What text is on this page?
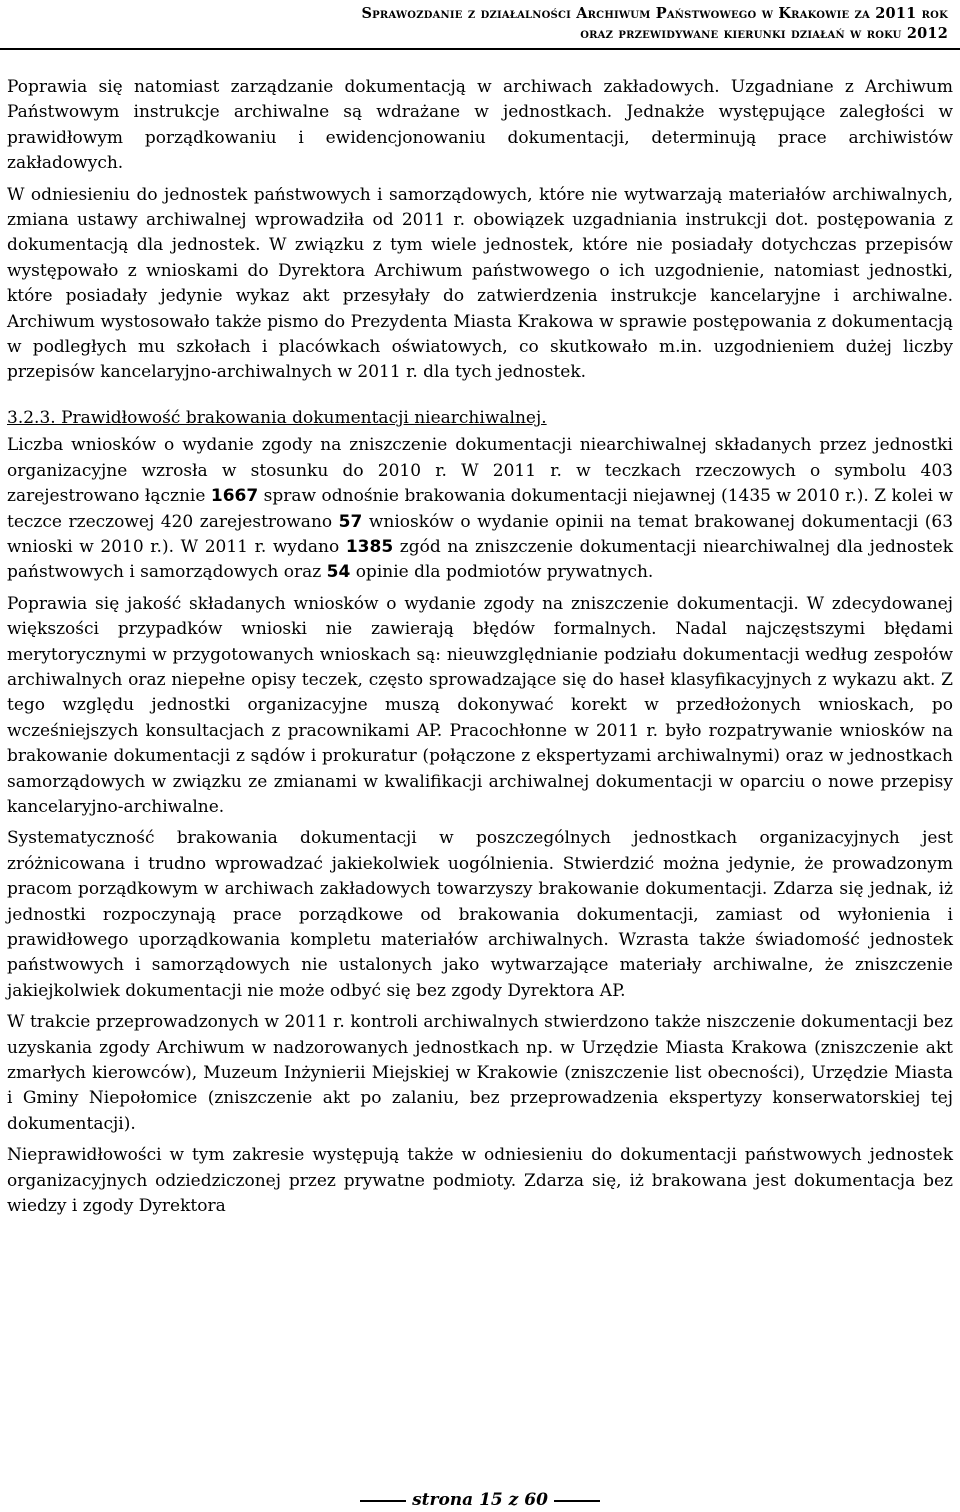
Sprawozdanie z działalności Archiwum Państwowego w Krakowie za 2011 rok
oraz przewidywane kierunki działań w roku 2012

Poprawia się natomiast zarządzanie dokumentacją w archiwach zakładowych. Uzgadniane z Archiwum Państwowym instrukcje archiwalne są wdrażane w jednostkach. Jednakże występujące zaległości w prawidłowym porządkowaniu i ewidencjonowaniu dokumentacji, determinują prace archiwistów zakładowych.

W odniesieniu do jednostek państwowych i samorządowych, które nie wytwarzają materiałów archiwalnych, zmiana ustawy archiwalnej wprowadziła od 2011 r. obowiązek uzgadniania instrukcji dot. postępowania z dokumentacją dla jednostek. W związku z tym wiele jednostek, które nie posiadały dotychczas przepisów występowało z wnioskami do Dyrektora Archiwum państwowego o ich uzgodnienie, natomiast jednostki, które posiadały jedynie wykaz akt przesyłały do zatwierdzenia instrukcje kancelaryjne i archiwalne. Archiwum wystosowało także pismo do Prezydenta Miasta Krakowa w sprawie postępowania z dokumentacją w podległych mu szkołach i placówkach oświatowych, co skutkowało m.in. uzgodnieniem dużej liczby przepisów kancelaryjno-archiwalnych w 2011 r. dla tych jednostek.

3.2.3. Prawidłowość brakowania dokumentacji niearchiwalnej.

Liczba wniosków o wydanie zgody na zniszczenie dokumentacji niearchiwalnej składanych przez jednostki organizacyjne wzrosła w stosunku do 2010 r. W 2011 r. w teczkach rzeczowych o symbolu 403 zarejestrowano łącznie 1667 spraw odnośnie brakowania dokumentacji niejawnej (1435 w 2010 r.). Z kolei w teczce rzeczowej 420 zarejestrowano 57 wniosków o wydanie opinii na temat brakowanej dokumentacji (63 wnioski w 2010 r.). W 2011 r. wydano 1385 zgód na zniszczenie dokumentacji niearchiwalnej dla jednostek państwowych i samorządowych oraz 54 opinie dla podmiotów prywatnych.

Poprawia się jakość składanych wniosków o wydanie zgody na zniszczenie dokumentacji. W zdecydowanej większości przypadków wnioski nie zawierają błędów formalnych. Nadal najczęstszymi błędami merytorycznymi w przygotowanych wnioskach są: nieuwzględnianie podziału dokumentacji według zespołów archiwalnych oraz niepełne opisy teczek, często sprowadzające się do haseł klasyfikacyjnych z wykazu akt. Z tego względu jednostki organizacyjne muszą dokonywać korekt w przedłożonych wnioskach, po wcześniejszych konsultacjach z pracownikami AP. Pracochłonne w 2011 r. było rozpatrywanie wniosków na brakowanie dokumentacji z sądów i prokuratur (połączone z ekspertyzami archiwalnymi) oraz w jednostkach samorządowych w związku ze zmianami w kwalifikacji archiwalnej dokumentacji w oparciu o nowe przepisy kancelaryjno-archiwalne.

Systematyczność brakowania dokumentacji w poszczególnych jednostkach organizacyjnych jest zróżnicowana i trudno wprowadzać jakiekolwiek uogólnienia. Stwierdzić można jedynie, że prowadzonym pracom porządkowym w archiwach zakładowych towarzyszy brakowanie dokumentacji. Zdarza się jednak, iż jednostki rozpoczynają prace porządkowe od brakowania dokumentacji, zamiast od wyłonienia i prawidłowego uporządkowania kompletu materiałów archiwalnych. Wzrasta także świadomość jednostek państwowych i samorządowych nie ustalonych jako wytwarzające materiały archiwalne, że zniszczenie jakiejkolwiek dokumentacji nie może odbyć się bez zgody Dyrektora AP.

W trakcie przeprowadzonych w 2011 r. kontroli archiwalnych stwierdzono także niszczenie dokumentacji bez uzyskania zgody Archiwum w nadzorowanych jednostkach np. w Urzędzie Miasta Krakowa (zniszczenie akt zmarłych kierowców), Muzeum Inżynierii Miejskiej w Krakowie (zniszczenie list obecności), Urzędzie Miasta i Gminy Niepołomice (zniszczenie akt po zalaniu, bez przeprowadzenia ekspertyzy konserwatorskiej tej dokumentacji).

Nieprawidłowości w tym zakresie występują także w odniesieniu do dokumentacji państwowych jednostek organizacyjnych odziedziczonej przez prywatne podmioty. Zdarza się, iż brakowana jest dokumentacja bez wiedzy i zgody Dyrektora

strona 15 z 60
